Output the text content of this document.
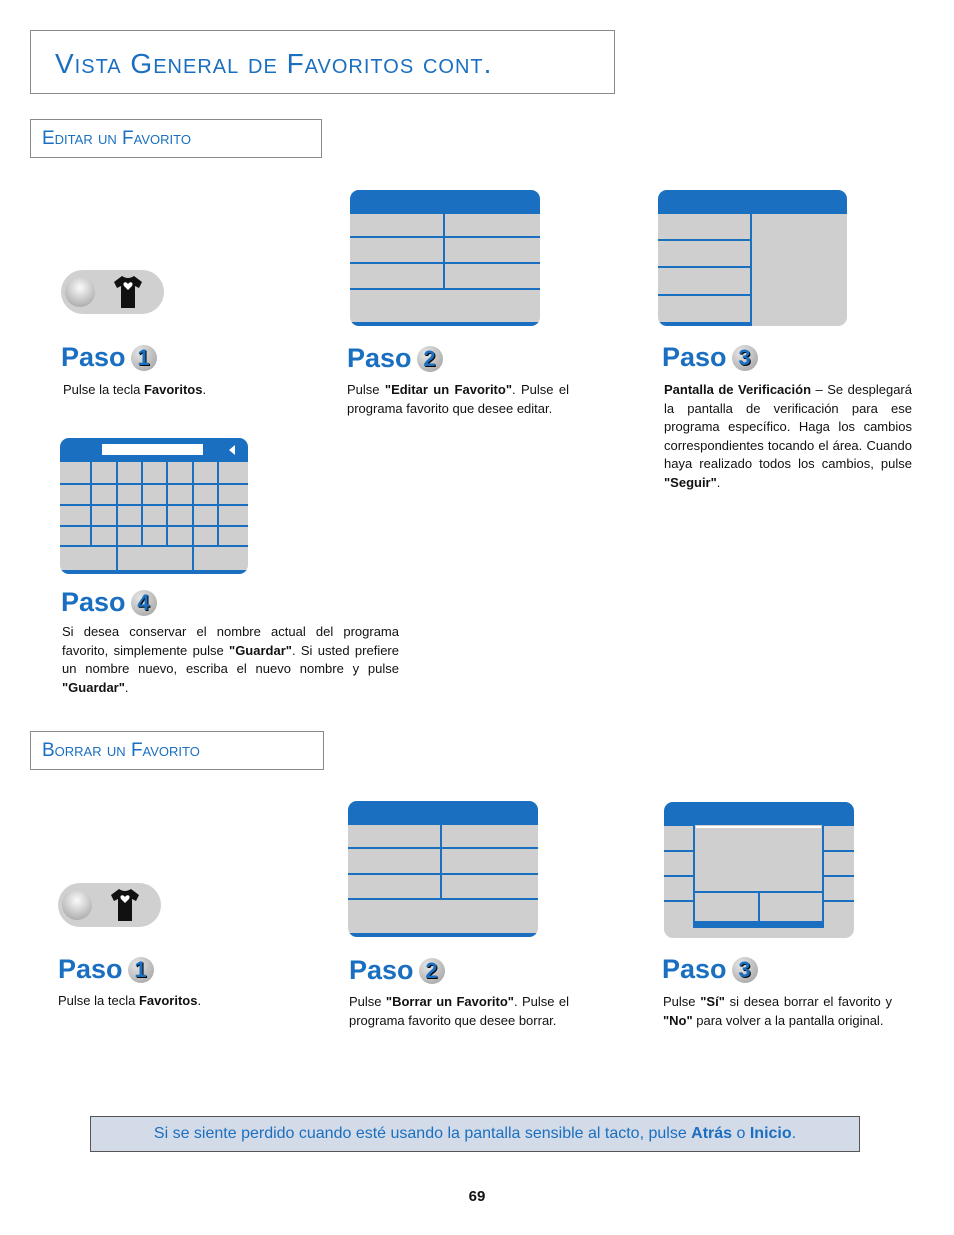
Vista General de Favoritos cont.
Editar un Favorito
Paso 1
Pulse la tecla Favoritos.
Paso 2
Pulse "Editar un Favorito". Pulse el programa favorito que desee editar.
Paso 3
Pantalla de Verificación – Se desplegará la pantalla de verificación para ese programa específico. Haga los cambios correspondientes tocando el área. Cuando haya realizado todos los cambios, pulse "Seguir".
Paso 4
Si desea conservar el nombre actual del programa favorito, simplemente pulse "Guardar". Si usted prefiere un nombre nuevo, escriba el nuevo nombre y pulse "Guardar".
Borrar un Favorito
Paso 1
Pulse la tecla Favoritos.
Paso 2
Pulse "Borrar un Favorito". Pulse el programa favorito que desee borrar.
Paso 3
Pulse "Sí" si desea borrar el favorito y "No" para volver a la pantalla original.
Si se siente perdido cuando esté usando la pantalla sensible al tacto, pulse Atrás o Inicio.
69
